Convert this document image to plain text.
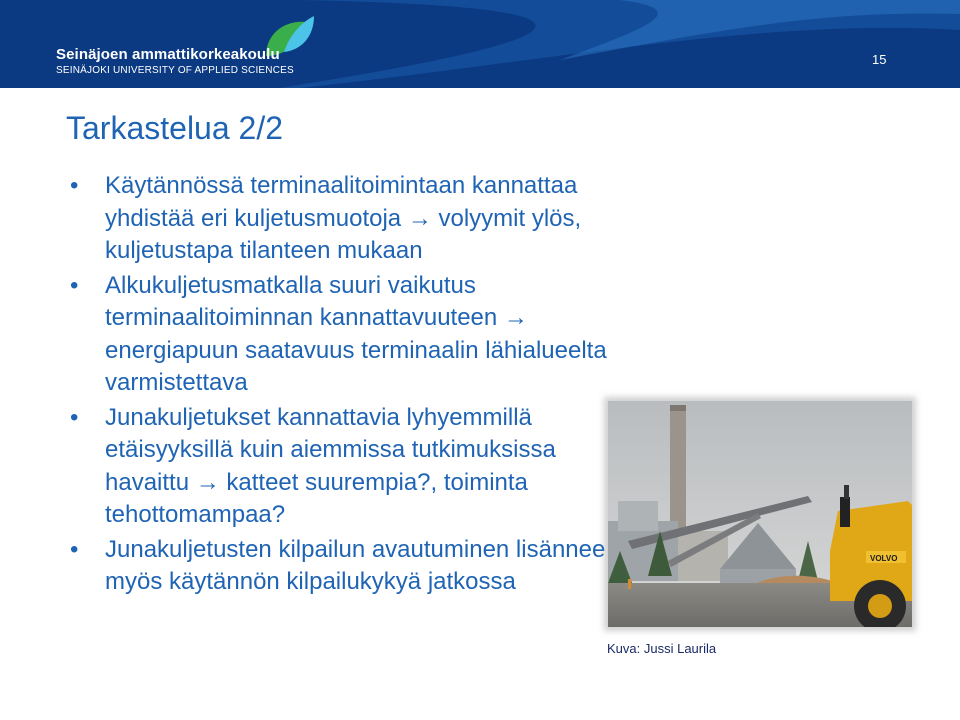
Seinäjoen ammattikorkeakoulu
SEINÄJOKI UNIVERSITY OF APPLIED SCIENCES
15
Tarkastelua 2/2
• Käytännössä terminaalitoimintaan kannattaa yhdistää eri kuljetusmuotoja → volyymit ylös, kuljetustapa tilanteen mukaan
• Alkukuljetusmatkalla suuri vaikutus terminaalitoiminnan kannattavuuteen → energiapuun saatavuus terminaalin lähialueelta varmistettava
• Junakuljetukset kannattavia lyhyemmillä etäisyyksillä kuin aiemmissa tutkimuksissa havaittu → katteet suurempia?, toiminta tehottomampaa?
• Junakuljetusten kilpailun avautuminen lisännee myös käytännön kilpailukykyä jatkossa
VOLVO
Kuva: Jussi Laurila
